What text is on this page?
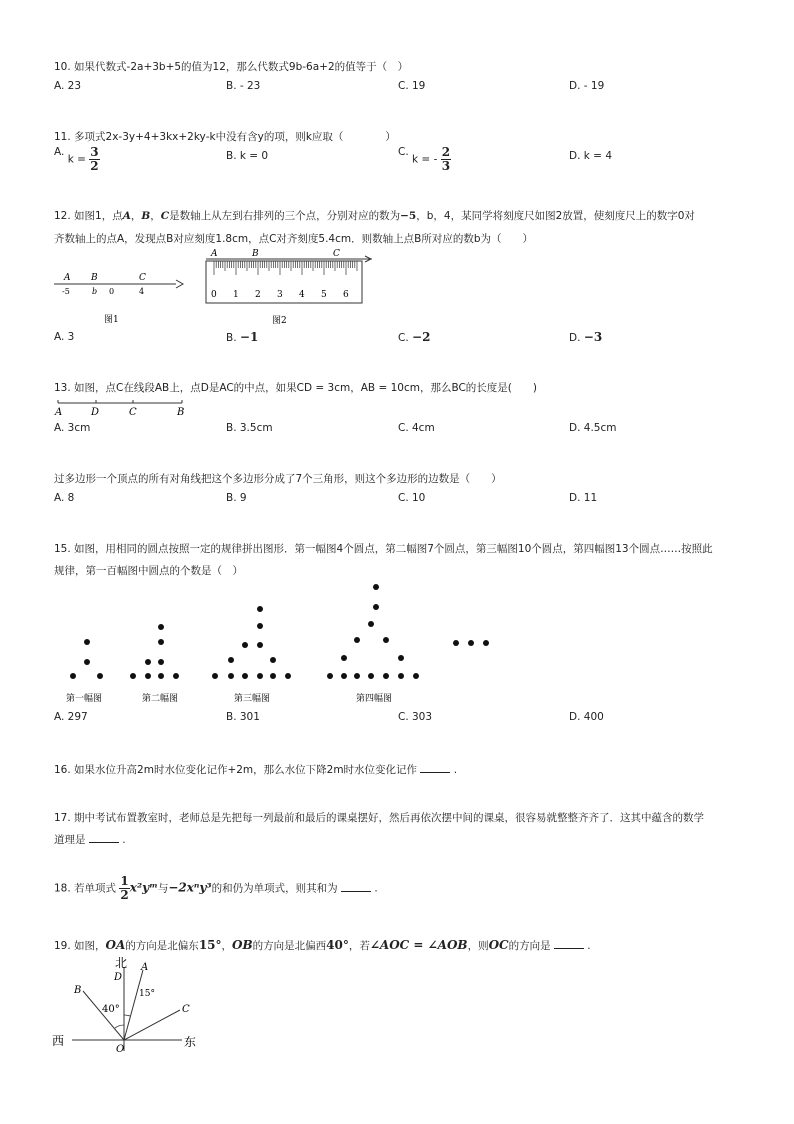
10. 如果代数式-2a+3b+5的值为12，那么代数式9b-6a+2的值等于（　）
A. 23	B. ‑ 23	C. 19	D. ‑ 19
11. 多项式2x‑3y+4+3kx+2ky‑k中没有含y的项，则k应取（　　　　）
A. $k = \frac{3}{2}$	B. k = 0	C. k = ‑ $\frac{2}{3}$	D. k = 4
12. 如图1，点A，B，C是数轴上从左到右排列的三个点，分别对应的数为−5，b，4，某同学将刻度尺如图2放置，使刻度尺上的数字0对
齐数轴上的点A，发现点B对应刻度1.8cm，点C对齐刻度5.4cm．则数轴上点B所对应的数b为（　　）
A B	C
-5	b 0	4
图1
A	B	C
0 1 2 3 4 5 6
图2
A. 3	B. −1	C. −2	D. −3
13. 如图，点C在线段AB上，点D是AC的中点，如果CD = 3cm，AB = 10cm，那么BC的长度是(　　)
A	D	C	B
A. 3cm	B. 3.5cm	C. 4cm	D. 4.5cm
过多边形一个顶点的所有对角线把这个多边形分成了7个三角形，则这个多边形的边数是（　　）
A. 8	B. 9	C. 10	D. 11
15. 如图，用相同的圆点按照一定的规律拼出图形．第一幅图4个圆点，第二幅图7个圆点，第三幅图10个圆点，第四幅图13个圆点……按照此
规律，第一百幅图中圆点的个数是（　）
第一幅图	第二幅图	第三幅图	第四幅图
A. 297	B. 301	C. 303	D. 400
16. 如果水位升高2m时水位变化记作+2m，那么水位下降2m时水位变化记作	.
17. 期中考试布置教室时，老师总是先把每一列最前和最后的课桌摆好，然后再依次摆中间的课桌，很容易就整整齐齐了．这其中蕴含的数学
道理是	.
18. 若单项式 $\frac{1}{2}$ x²yᵐ与−2xⁿy³的和仍为单项式，则其和为	.
19. 如图，OA的方向是北偏东15°，OB的方向是北偏西40°，若∠AOC = ∠AOB，则OC的方向是	.
北
西	东
A
B
C
D
O
40°
15°
